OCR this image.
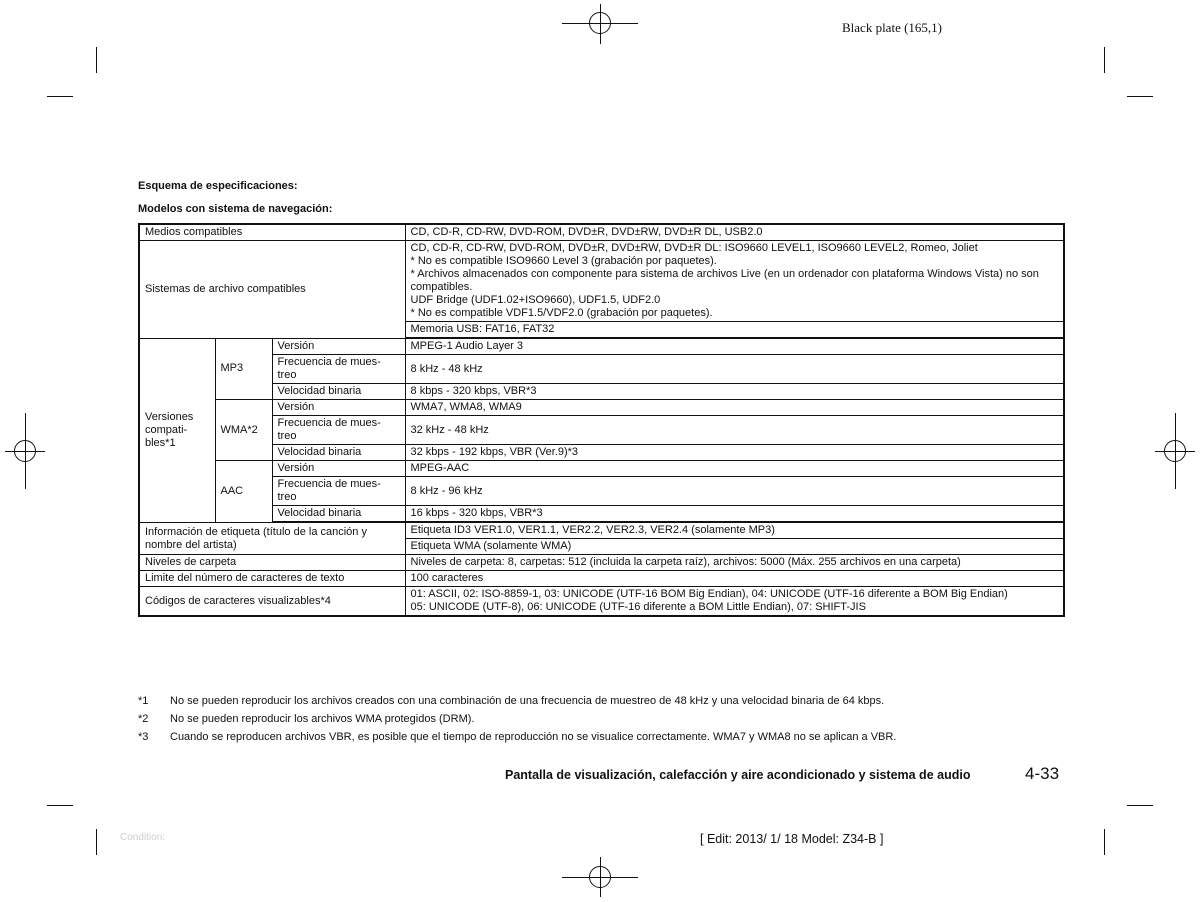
Black plate (165,1)
Esquema de especificaciones:
Modelos con sistema de navegación:
Medios compatibles			CD, CD-R, CD-RW, DVD-ROM, DVD±R, DVD±RW, DVD±R DL, USB2.0
Sistemas de archivo compatibles			CD, CD-R, CD-RW, DVD-ROM, DVD±R, DVD±RW, DVD±R DL: ISO9660 LEVEL1, ISO9660 LEVEL2, Romeo, Joliet
* No es compatible ISO9660 Level 3 (grabación por paquetes).
* Archivos almacenados con componente para sistema de archivos Live (en un ordenador con plataforma Windows Vista) no son compatibles.
UDF Bridge (UDF1.02+ISO9660), UDF1.5, UDF2.0
* No es compatible VDF1.5/VDF2.0 (grabación por paquetes).

			Memoria USB: FAT16, FAT32
Versiones compati- bles*1	MP3	Versión	MPEG-1 Audio Layer 3
		Frecuencia de mues- treo	8 kHz - 48 kHz
		Velocidad binaria	8 kbps - 320 kbps, VBR*3
	WMA*2	Versión	WMA7, WMA8, WMA9
		Frecuencia de mues- treo	32 kHz - 48 kHz
		Velocidad binaria	32 kbps - 192 kbps, VBR (Ver.9)*3
	AAC	Versión	MPEG-AAC
		Frecuencia de mues- treo	8 kHz - 96 kHz
		Velocidad binaria	16 kbps - 320 kbps, VBR*3
Información de etiqueta (título de la canción y nombre del artista)			Etiqueta ID3 VER1.0, VER1.1, VER2.2, VER2.3, VER2.4 (solamente MP3)
			Etiqueta WMA (solamente WMA)
Niveles de carpeta			Niveles de carpeta: 8, carpetas: 512 (incluida la carpeta raíz), archivos: 5000 (Máx. 255 archivos en una carpeta)
Limite del número de caracteres de texto			100 caracteres
Códigos de caracteres visualizables*4			01: ASCII, 02: ISO-8859-1, 03: UNICODE (UTF-16 BOM Big Endian), 04: UNICODE (UTF-16 diferente a BOM Big Endian)
05: UNICODE (UTF-8), 06: UNICODE (UTF-16 diferente a BOM Little Endian), 07: SHIFT-JIS
*1 No se pueden reproducir los archivos creados con una combinación de una frecuencia de muestreo de 48 kHz y una velocidad binaria de 64 kbps.
*2 No se pueden reproducir los archivos WMA protegidos (DRM).
*3 Cuando se reproducen archivos VBR, es posible que el tiempo de reproducción no se visualice correctamente. WMA7 y WMA8 no se aplican a VBR.
Pantalla de visualización, calefacción y aire acondicionado y sistema de audio	4-33
Condition:	[ Edit: 2013/ 1/ 18 Model: Z34-B ]
